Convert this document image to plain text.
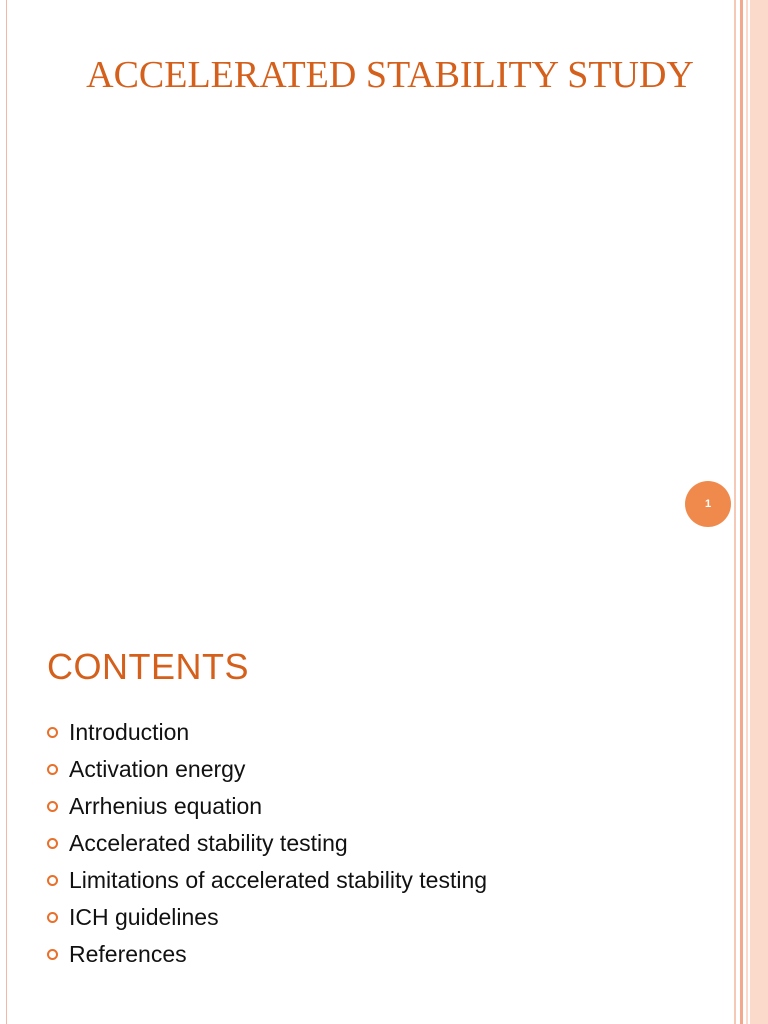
ACCELERATED STABILITY STUDY
1
CONTENTS
Introduction
Activation energy
Arrhenius equation
Accelerated stability testing
Limitations of accelerated stability testing
ICH guidelines
References
